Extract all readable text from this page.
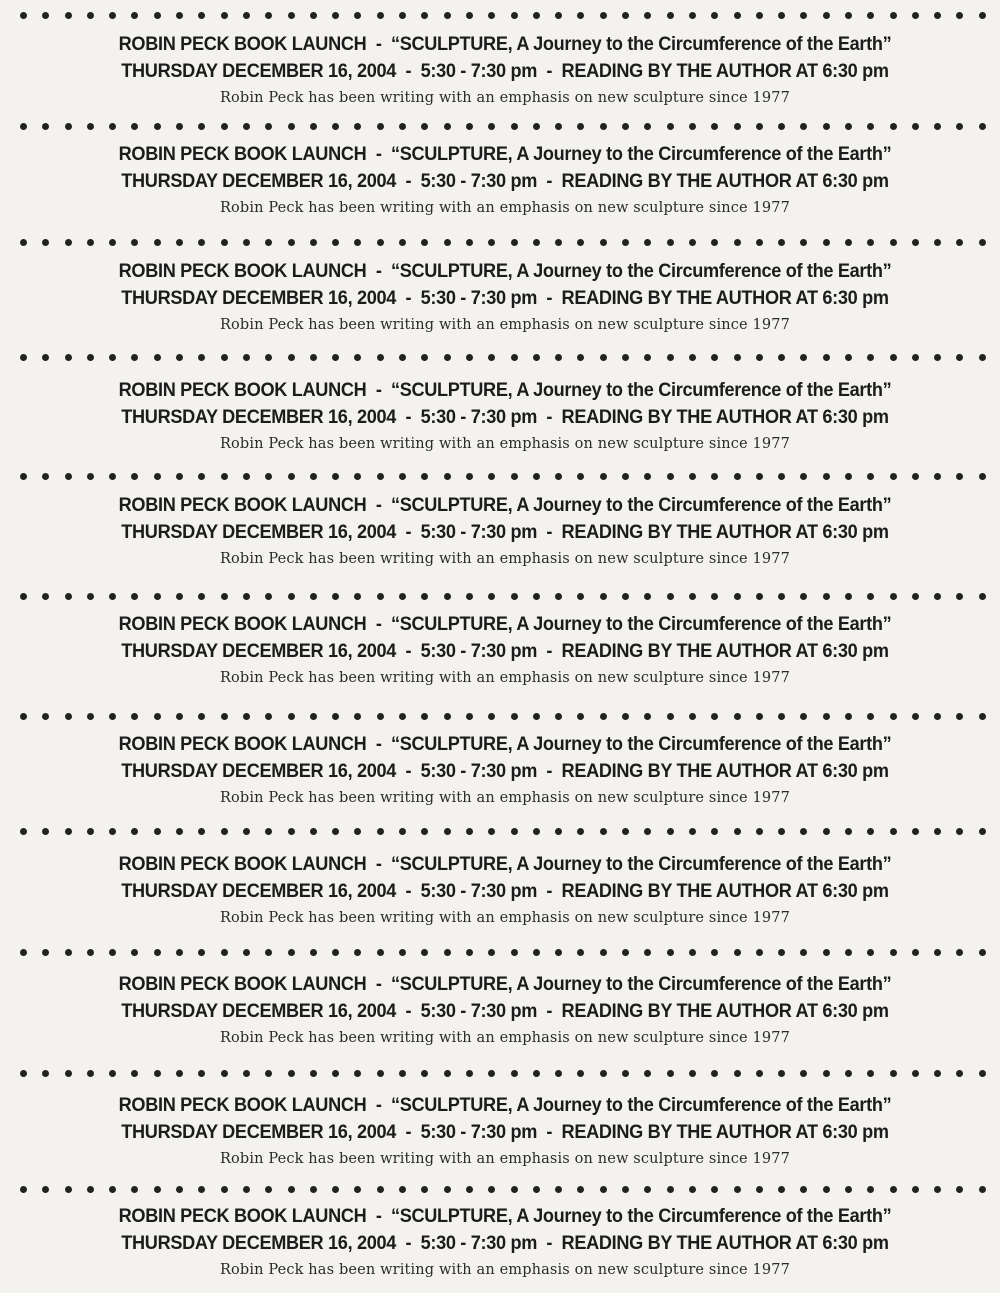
ROBIN PECK BOOK LAUNCH  -  “SCULPTURE, A Journey to the Circumference of the Earth”
THURSDAY DECEMBER 16, 2004  -  5:30 - 7:30 pm  -  READING BY THE AUTHOR AT 6:30 pm
Robin Peck has been writing with an emphasis on new sculpture since 1977
ROBIN PECK BOOK LAUNCH  -  “SCULPTURE, A Journey to the Circumference of the Earth”
THURSDAY DECEMBER 16, 2004  -  5:30 - 7:30 pm  -  READING BY THE AUTHOR AT 6:30 pm
Robin Peck has been writing with an emphasis on new sculpture since 1977
ROBIN PECK BOOK LAUNCH  -  “SCULPTURE, A Journey to the Circumference of the Earth”
THURSDAY DECEMBER 16, 2004  -  5:30 - 7:30 pm  -  READING BY THE AUTHOR AT 6:30 pm
Robin Peck has been writing with an emphasis on new sculpture since 1977
ROBIN PECK BOOK LAUNCH  -  “SCULPTURE, A Journey to the Circumference of the Earth”
THURSDAY DECEMBER 16, 2004  -  5:30 - 7:30 pm  -  READING BY THE AUTHOR AT 6:30 pm
Robin Peck has been writing with an emphasis on new sculpture since 1977
ROBIN PECK BOOK LAUNCH  -  “SCULPTURE, A Journey to the Circumference of the Earth”
THURSDAY DECEMBER 16, 2004  -  5:30 - 7:30 pm  -  READING BY THE AUTHOR AT 6:30 pm
Robin Peck has been writing with an emphasis on new sculpture since 1977
ROBIN PECK BOOK LAUNCH  -  “SCULPTURE, A Journey to the Circumference of the Earth”
THURSDAY DECEMBER 16, 2004  -  5:30 - 7:30 pm  -  READING BY THE AUTHOR AT 6:30 pm
Robin Peck has been writing with an emphasis on new sculpture since 1977
ROBIN PECK BOOK LAUNCH  -  “SCULPTURE, A Journey to the Circumference of the Earth”
THURSDAY DECEMBER 16, 2004  -  5:30 - 7:30 pm  -  READING BY THE AUTHOR AT 6:30 pm
Robin Peck has been writing with an emphasis on new sculpture since 1977
ROBIN PECK BOOK LAUNCH  -  “SCULPTURE, A Journey to the Circumference of the Earth”
THURSDAY DECEMBER 16, 2004  -  5:30 - 7:30 pm  -  READING BY THE AUTHOR AT 6:30 pm
Robin Peck has been writing with an emphasis on new sculpture since 1977
ROBIN PECK BOOK LAUNCH  -  “SCULPTURE, A Journey to the Circumference of the Earth”
THURSDAY DECEMBER 16, 2004  -  5:30 - 7:30 pm  -  READING BY THE AUTHOR AT 6:30 pm
Robin Peck has been writing with an emphasis on new sculpture since 1977
ROBIN PECK BOOK LAUNCH  -  “SCULPTURE, A Journey to the Circumference of the Earth”
THURSDAY DECEMBER 16, 2004  -  5:30 - 7:30 pm  -  READING BY THE AUTHOR AT 6:30 pm
Robin Peck has been writing with an emphasis on new sculpture since 1977
ROBIN PECK BOOK LAUNCH  -  “SCULPTURE, A Journey to the Circumference of the Earth”
THURSDAY DECEMBER 16, 2004  -  5:30 - 7:30 pm  -  READING BY THE AUTHOR AT 6:30 pm
Robin Peck has been writing with an emphasis on new sculpture since 1977
